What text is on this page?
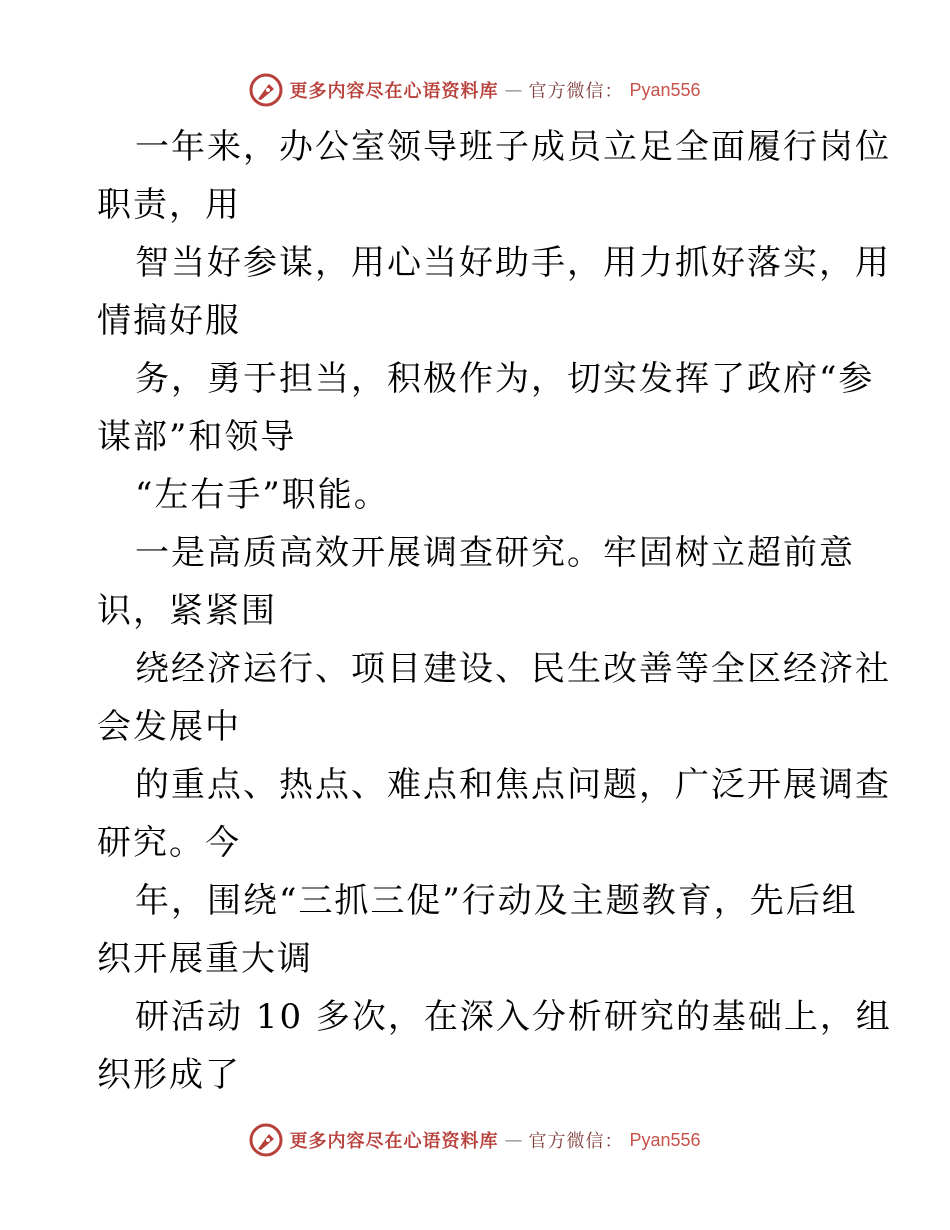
更多内容尽在心语资料库 — 官方微信： Pyan556
一年来，办公室领导班子成员立足全面履行岗位
职责，用
智当好参谋，用心当好助手，用力抓好落实，用
情搞好服
务，勇于担当，积极作为，切实发挥了政府“参
谋部”和领导
“左右手”职能。
一是高质高效开展调查研究。牢固树立超前意
识，紧紧围
绕经济运行、项目建设、民生改善等全区经济社
会发展中
的重点、热点、难点和焦点问题，广泛开展调查
研究。今
年，围绕“三抓三促”行动及主题教育，先后组
织开展重大调
研活动 10 多次，在深入分析研究的基础上，组
织形成了
更多内容尽在心语资料库 — 官方微信： Pyan556
